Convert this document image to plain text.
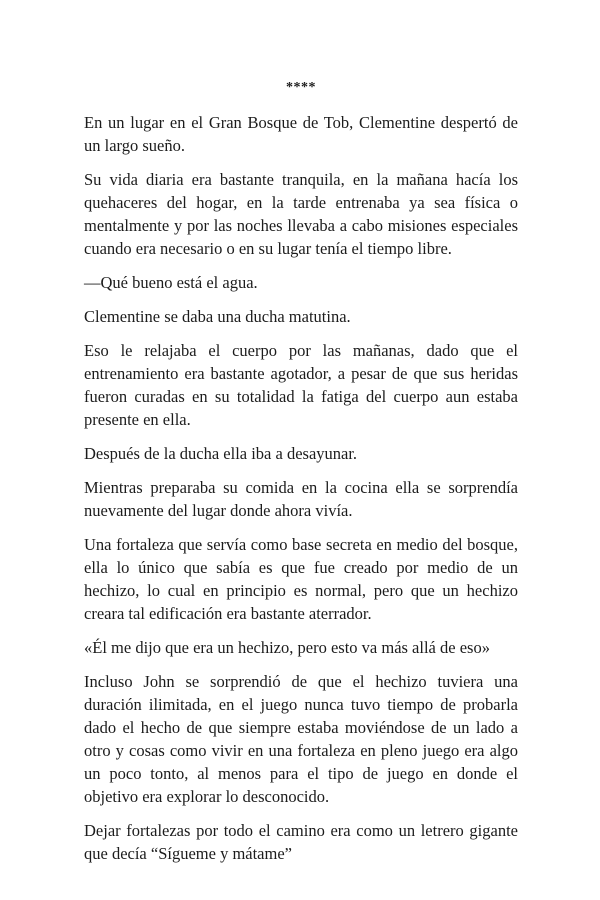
****

En un lugar en el Gran Bosque de Tob, Clementine despertó de un largo sueño.

Su vida diaria era bastante tranquila, en la mañana hacía los quehaceres del hogar, en la tarde entrenaba ya sea física o mentalmente y por las noches llevaba a cabo misiones especiales cuando era necesario o en su lugar tenía el tiempo libre.

—Qué bueno está el agua.

Clementine se daba una ducha matutina.

Eso le relajaba el cuerpo por las mañanas, dado que el entrenamiento era bastante agotador, a pesar de que sus heridas fueron curadas en su totalidad la fatiga del cuerpo aun estaba presente en ella.

Después de la ducha ella iba a desayunar.

Mientras preparaba su comida en la cocina ella se sorprendía nuevamente del lugar donde ahora vivía.

Una fortaleza que servía como base secreta en medio del bosque, ella lo único que sabía es que fue creado por medio de un hechizo, lo cual en principio es normal, pero que un hechizo creara tal edificación era bastante aterrador.

«Él me dijo que era un hechizo, pero esto va más allá de eso»

Incluso John se sorprendió de que el hechizo tuviera una duración ilimitada, en el juego nunca tuvo tiempo de probarla dado el hecho de que siempre estaba moviéndose de un lado a otro y cosas como vivir en una fortaleza en pleno juego era algo un poco tonto, al menos para el tipo de juego en donde el objetivo era explorar lo desconocido.

Dejar fortalezas por todo el camino era como un letrero gigante que decía “Sígueme y mátame”
